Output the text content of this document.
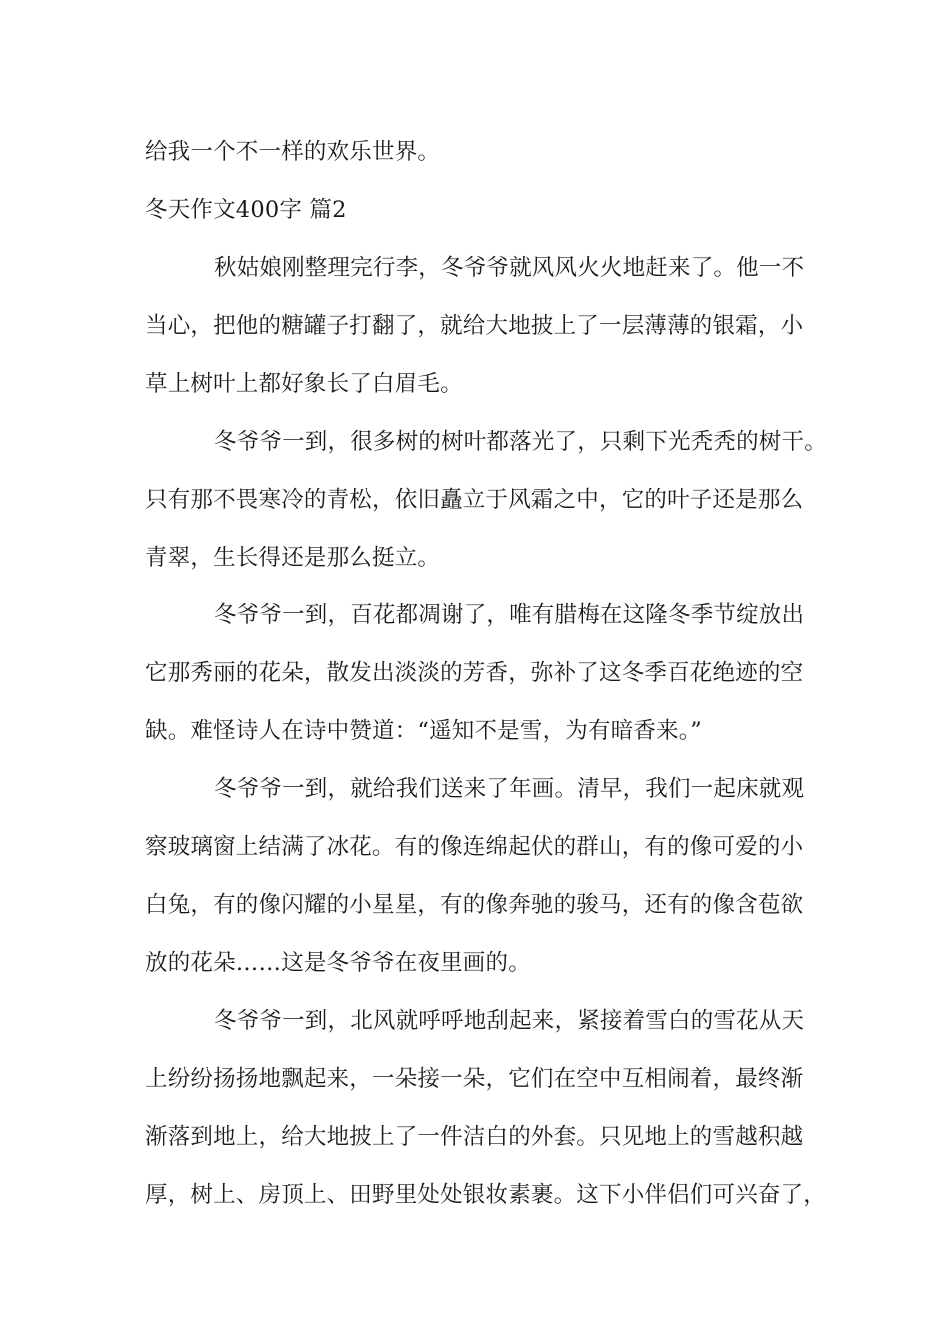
给我一个不一样的欢乐世界。
冬天作文400字 篇2
秋姑娘刚整理完行李，冬爷爷就风风火火地赶来了。他一不
当心，把他的糖罐子打翻了，就给大地披上了一层薄薄的银霜，小
草上树叶上都好象长了白眉毛。
冬爷爷一到，很多树的树叶都落光了，只剩下光秃秃的树干。
只有那不畏寒冷的青松，依旧矗立于风霜之中，它的叶子还是那么
青翠，生长得还是那么挺立。
冬爷爷一到，百花都凋谢了，唯有腊梅在这隆冬季节绽放出
它那秀丽的花朵，散发出淡淡的芳香，弥补了这冬季百花绝迹的空
缺。难怪诗人在诗中赞道：“遥知不是雪，为有暗香来。”
冬爷爷一到，就给我们送来了年画。清早，我们一起床就观
察玻璃窗上结满了冰花。有的像连绵起伏的群山，有的像可爱的小
白兔，有的像闪耀的小星星，有的像奔驰的骏马，还有的像含苞欲
放的花朵……这是冬爷爷在夜里画的。
冬爷爷一到，北风就呼呼地刮起来，紧接着雪白的雪花从天
上纷纷扬扬地飘起来，一朵接一朵，它们在空中互相闹着，最终渐
渐落到地上，给大地披上了一件洁白的外套。只见地上的雪越积越
厚，树上、房顶上、田野里处处银妆素裹。这下小伴侣们可兴奋了，
